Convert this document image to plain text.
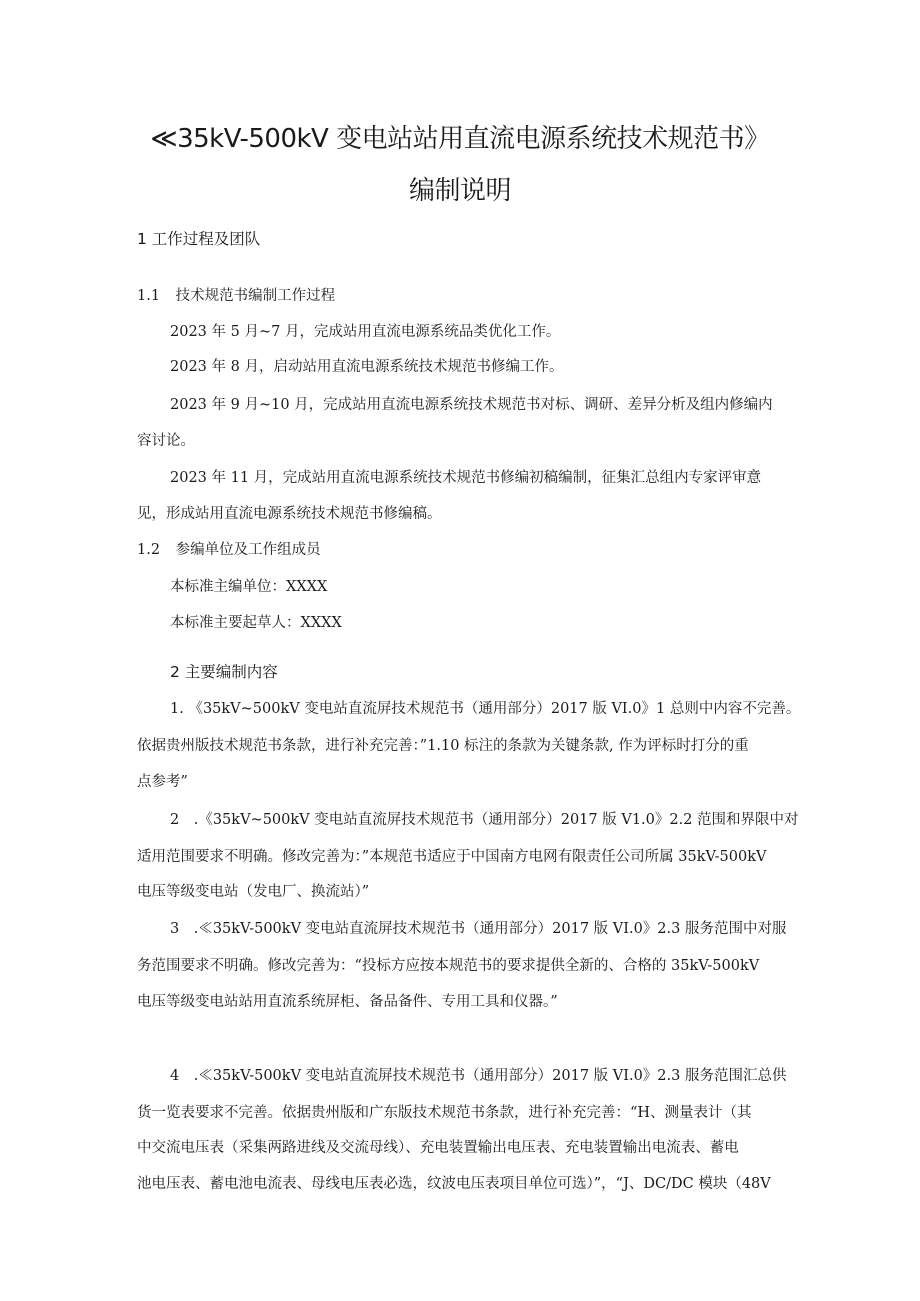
≪35kV-500kV 变电站站用直流电源系统技术规范书》
编制说明
1 工作过程及团队
1.1 技术规范书编制工作过程
2023 年 5 月~7 月，完成站用直流电源系统品类优化工作。
2023 年 8 月，启动站用直流电源系统技术规范书修编工作。
2023 年 9 月~10 月，完成站用直流电源系统技术规范书对标、调研、差异分析及组内修编内
容讨论。
2023 年 11 月，完成站用直流电源系统技术规范书修编初稿编制，征集汇总组内专家评审意
见，形成站用直流电源系统技术规范书修编稿。
1.2 参编单位及工作组成员
本标准主编单位：XXXX
本标准主要起草人：XXXX
2 主要编制内容
1. 《35kV~500kV 变电站直流屏技术规范书（通用部分）2017 版 VI.0》1 总则中内容不完善。
依据贵州版技术规范书条款，进行补充完善：”1.10 标注的条款为关键条款, 作为评标时打分的重
点参考”
2　.《35kV~500kV 变电站直流屏技术规范书（通用部分）2017 版 V1.0》2.2 范围和界限中对
适用范围要求不明确。修改完善为：”本规范书适应于中国南方电网有限责任公司所属 35kV-500kV
电压等级变电站（发电厂、换流站）”
3　.≪35kV-500kV 变电站直流屏技术规范书（通用部分）2017 版 VI.0》2.3 服务范围中对服
务范围要求不明确。修改完善为：“投标方应按本规范书的要求提供全新的、合格的 35kV-500kV
电压等级变电站站用直流系统屏柜、备品备件、专用工具和仪器。”
4　.≪35kV-500kV 变电站直流屏技术规范书（通用部分）2017 版 VI.0》2.3 服务范围汇总供
货一览表要求不完善。依据贵州版和广东版技术规范书条款，进行补充完善：“H、测量表计（其
中交流电压表（采集两路进线及交流母线）、充电装置输出电压表、充电装置输出电流表、蓄电
池电压表、蓄电池电流表、母线电压表必选，纹波电压表项目单位可选）”，“J、DC/DC 模块（48V
